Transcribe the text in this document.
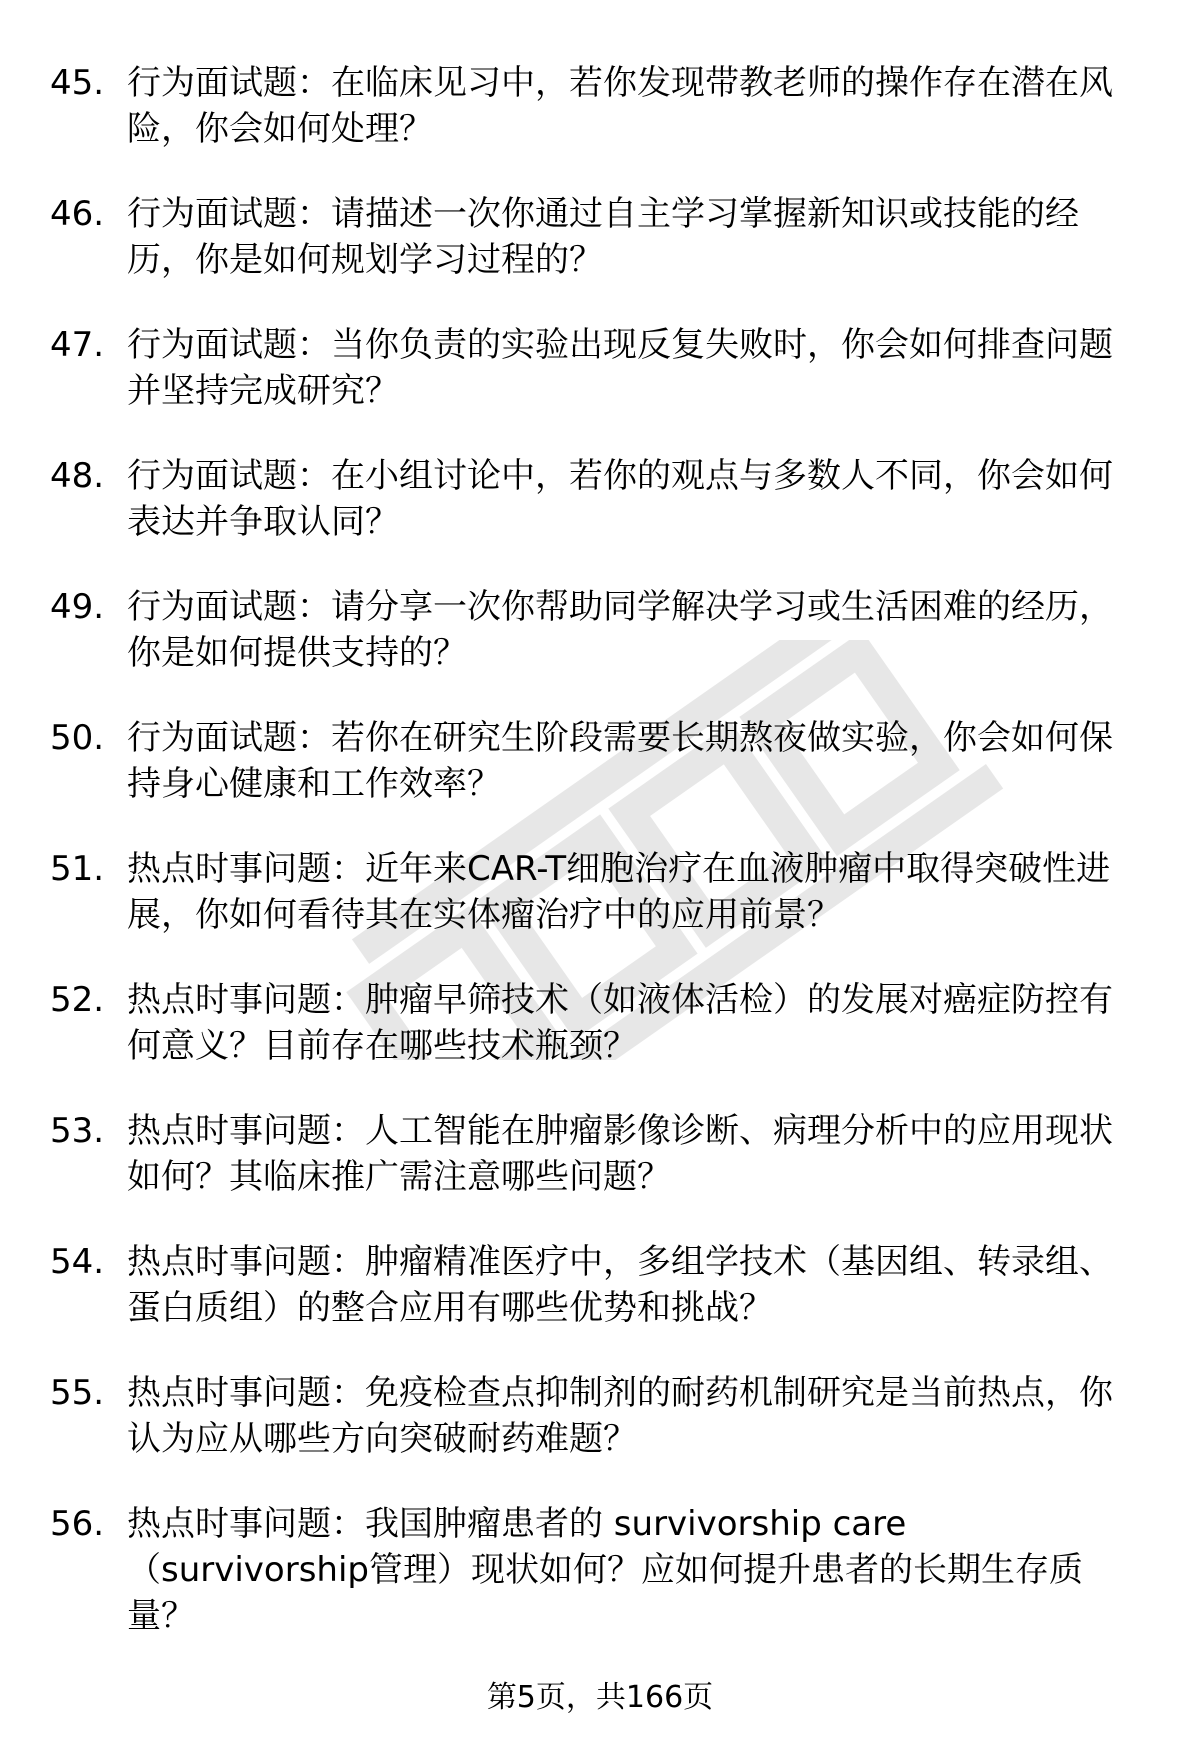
45. 行为面试题：在临床见习中，若你发现带教老师的操作存在潜在风险，你会如何处理？
46. 行为面试题：请描述一次你通过自主学习掌握新知识或技能的经历，你是如何规划学习过程的？
47. 行为面试题：当你负责的实验出现反复失败时，你会如何排查问题并坚持完成研究？
48. 行为面试题：在小组讨论中，若你的观点与多数人不同，你会如何表达并争取认同？
49. 行为面试题：请分享一次你帮助同学解决学习或生活困难的经历，你是如何提供支持的？
50. 行为面试题：若你在研究生阶段需要长期熬夜做实验，你会如何保持身心健康和工作效率？
51. 热点时事问题：近年来CAR-T细胞治疗在血液肿瘤中取得突破性进展，你如何看待其在实体瘤治疗中的应用前景？
52. 热点时事问题：肿瘤早筛技术（如液体活检）的发展对癌症防控有何意义？目前存在哪些技术瓶颈？
53. 热点时事问题：人工智能在肿瘤影像诊断、病理分析中的应用现状如何？其临床推广需注意哪些问题？
54. 热点时事问题：肿瘤精准医疗中，多组学技术（基因组、转录组、蛋白质组）的整合应用有哪些优势和挑战？
55. 热点时事问题：免疫检查点抑制剂的耐药机制研究是当前热点，你认为应从哪些方向突破耐药难题？
56. 热点时事问题：我国肿瘤患者的 survivorship care（survivorship管理）现状如何？应如何提升患者的长期生存质量？
第5页，共166页
